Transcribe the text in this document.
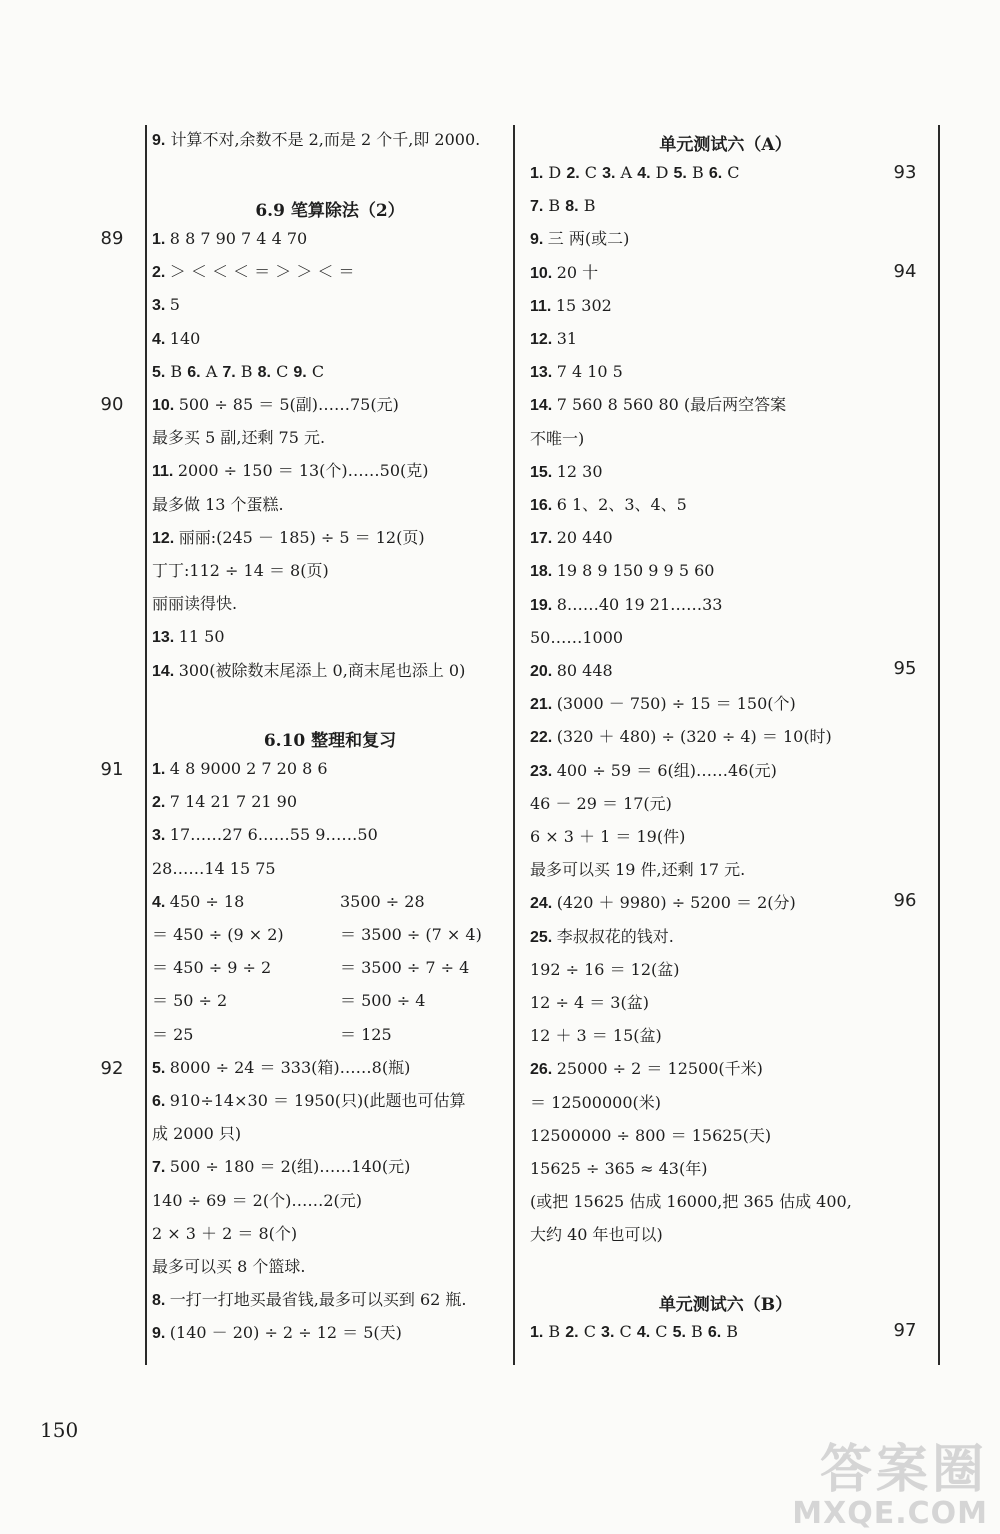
9. 计算不对,余数不是 2,而是 2 个千,即 2000.
6.9 笔算除法（2）
1. 8 8 7 90 7 4 4 70
2. ＞ ＜ ＜ ＜ ＝ ＞ ＞ ＜ ＝
3. 5
4. 140
5. B 6. A 7. B 8. C 9. C
10. 500 ÷ 85 ＝ 5(副)……75(元)
最多买 5 副,还剩 75 元.
11. 2000 ÷ 150 ＝ 13(个)……50(克)
最多做 13 个蛋糕.
12. 丽丽:(245 － 185) ÷ 5 ＝ 12(页)
丁丁:112 ÷ 14 ＝ 8(页)
丽丽读得快.
13. 11 50
14. 300(被除数末尾添上 0,商末尾也添上 0)
6.10 整理和复习
1. 4 8 9000 2 7 20 8 6
2. 7 14 21 7 21 90
3. 17……27 6……55 9……50
28……14 15 75
4. 450 ÷ 18	3500 ÷ 28
＝ 450 ÷ (9 × 2)	＝ 3500 ÷ (7 × 4)
＝ 450 ÷ 9 ÷ 2	＝ 3500 ÷ 7 ÷ 4
＝ 50 ÷ 2	＝ 500 ÷ 4
＝ 25	＝ 125
5. 8000 ÷ 24 ＝ 333(箱)……8(瓶)
6. 910÷14×30 ＝ 1950(只)(此题也可估算
成 2000 只)
7. 500 ÷ 180 ＝ 2(组)……140(元)
140 ÷ 69 ＝ 2(个)……2(元)
2 × 3 ＋ 2 ＝ 8(个)
最多可以买 8 个篮球.
8. 一打一打地买最省钱,最多可以买到 62 瓶.
9. (140 － 20) ÷ 2 ÷ 12 ＝ 5(天)
单元测试六（A）
1. D 2. C 3. A 4. D 5. B 6. C
7. B 8. B
9. 三 两(或二)
10. 20 十
11. 15 302
12. 31
13. 7 4 10 5
14. 7 560 8 560 80 (最后两空答案
不唯一)
15. 12 30
16. 6 1、2、3、4、5
17. 20 440
18. 19 8 9 150 9 9 5 60
19. 8……40 19 21……33
50……1000
20. 80 448
21. (3000 － 750) ÷ 15 ＝ 150(个)
22. (320 ＋ 480) ÷ (320 ÷ 4) ＝ 10(时)
23. 400 ÷ 59 ＝ 6(组)……46(元)
46 － 29 ＝ 17(元)
6 × 3 ＋ 1 ＝ 19(件)
最多可以买 19 件,还剩 17 元.
24. (420 ＋ 9980) ÷ 5200 ＝ 2(分)
25. 李叔叔花的钱对.
192 ÷ 16 ＝ 12(盆)
12 ÷ 4 ＝ 3(盆)
12 ＋ 3 ＝ 15(盆)
26. 25000 ÷ 2 ＝ 12500(千米)
＝ 12500000(米)
12500000 ÷ 800 ＝ 15625(天)
15625 ÷ 365 ≈ 43(年)
(或把 15625 估成 16000,把 365 估成 400,
大约 40 年也可以)
单元测试六（B）
1. B 2. C 3. C 4. C 5. B 6. B
89
90
91
92
93
94
95
96
97
150
答案圈
MXQE.COM
